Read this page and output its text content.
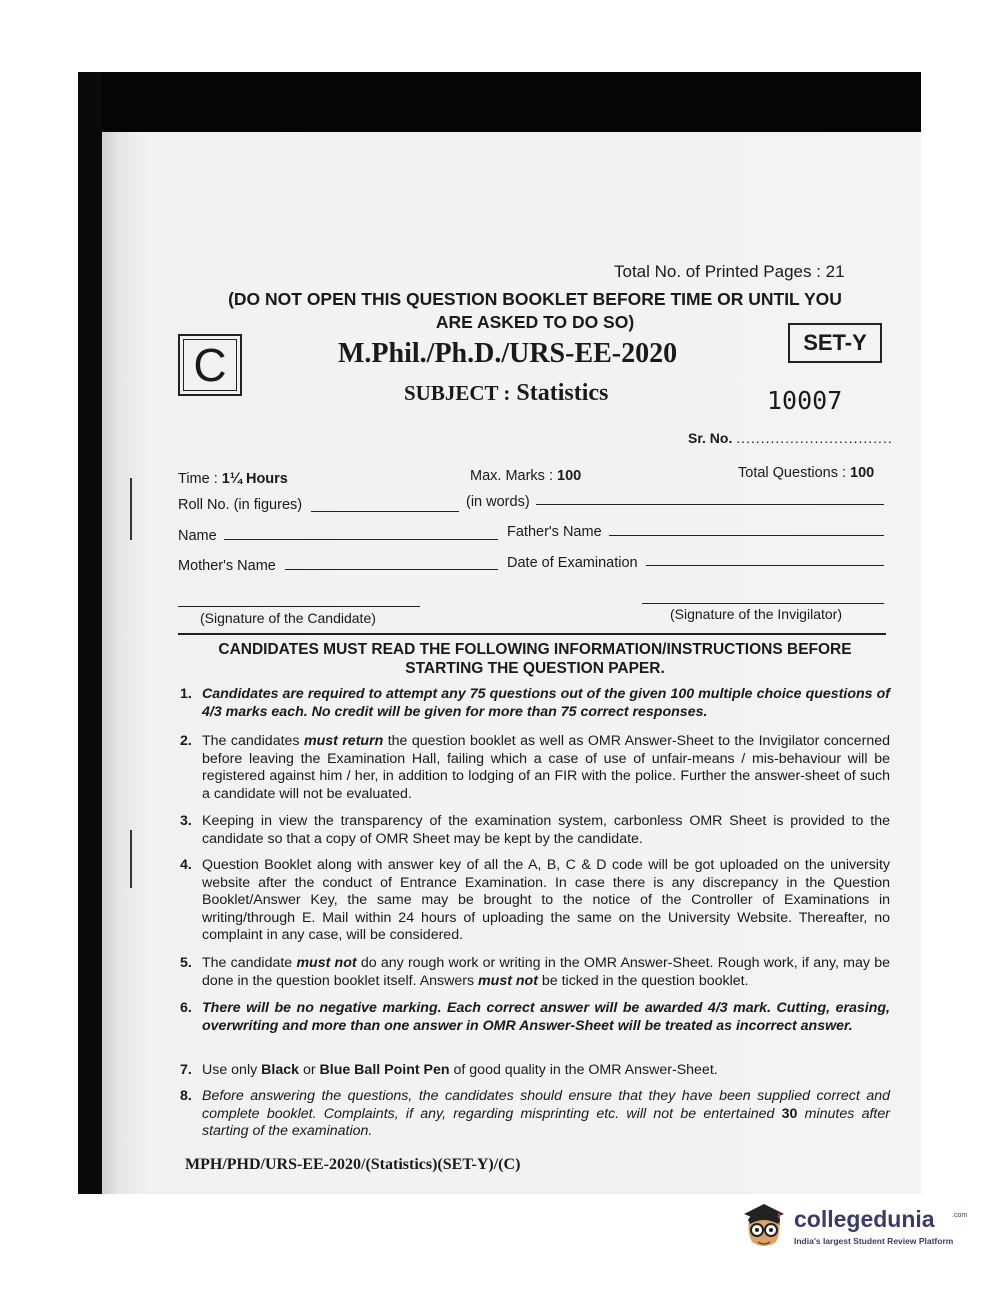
Total No. of Printed Pages : 21
(DO NOT OPEN THIS QUESTION BOOKLET BEFORE TIME OR UNTIL YOU
ARE ASKED TO DO SO)
C	M.Phil./Ph.D./URS-EE-2020	SET-Y
SUBJECT : Statistics	10007
Sr. No. ................................
Time : 1¼ Hours	Max. Marks : 100	Total Questions : 100
Roll No. (in figures)	(in words)
Name	Father's Name
Mother's Name	Date of Examination
(Signature of the Candidate)	(Signature of the Invigilator)
CANDIDATES MUST READ THE FOLLOWING INFORMATION/INSTRUCTIONS BEFORE
STARTING THE QUESTION PAPER.
1. Candidates are required to attempt any 75 questions out of the given 100 multiple choice questions of 4/3 marks each. No credit will be given for more than 75 correct responses.
2. The candidates must return the question booklet as well as OMR Answer-Sheet to the Invigilator concerned before leaving the Examination Hall, failing which a case of use of unfair-means / mis-behaviour will be registered against him / her, in addition to lodging of an FIR with the police. Further the answer-sheet of such a candidate will not be evaluated.
3. Keeping in view the transparency of the examination system, carbonless OMR Sheet is provided to the candidate so that a copy of OMR Sheet may be kept by the candidate.
4. Question Booklet along with answer key of all the A, B, C & D code will be got uploaded on the university website after the conduct of Entrance Examination. In case there is any discrepancy in the Question Booklet/Answer Key, the same may be brought to the notice of the Controller of Examinations in writing/through E. Mail within 24 hours of uploading the same on the University Website. Thereafter, no complaint in any case, will be considered.
5. The candidate must not do any rough work or writing in the OMR Answer-Sheet. Rough work, if any, may be done in the question booklet itself. Answers must not be ticked in the question booklet.
6. There will be no negative marking. Each correct answer will be awarded 4/3 mark. Cutting, erasing, overwriting and more than one answer in OMR Answer-Sheet will be treated as incorrect answer.
7. Use only Black or Blue Ball Point Pen of good quality in the OMR Answer-Sheet.
8. Before answering the questions, the candidates should ensure that they have been supplied correct and complete booklet. Complaints, if any, regarding misprinting etc. will not be entertained 30 minutes after starting of the examination.
MPH/PHD/URS-EE-2020/(Statistics)(SET-Y)/(C)
collegedunia .com
India's largest Student Review Platform
